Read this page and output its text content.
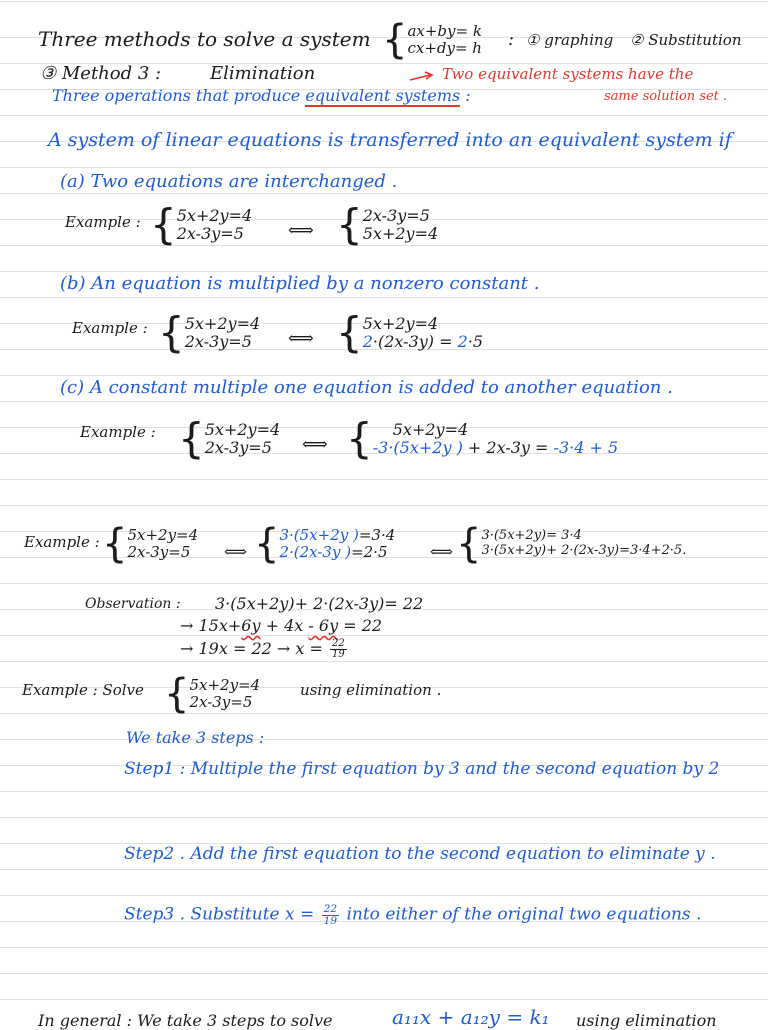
Three methods to solve a system { ax+by= k
cx+dy= h : ① graphing ② Substitution
③ Method 3 :	Elimination	Two equivalent systems have the
same solution set .
Three operations that produce equivalent systems :
A system of linear equations is transferred into an equivalent system if
(a) Two equations are interchanged .
Example : { 5x+2y=4
2x-3y=5	⟺ { 2x-3y=5
5x+2y=4
(b) An equation is multiplied by a nonzero constant .
Example : { 5x+2y=4
2x-3y=5	⟺ { 5x+2y=4
2·(2x-3y) = 2·5
(c) A constant multiple one equation is added to another equation .
Example : { 5x+2y=4
2x-3y=5	⟺ {	5x+2y=4
-3·(5x+2y ) + 2x-3y = -3·4 + 5
Example : { 5x+2y=4
2x-3y=5	⟺ { 3·(5x+2y )=3·4
2·(2x-3y )=2·5	⟺ { 3·(5x+2y)= 3·4
3·(5x+2y)+ 2·(2x-3y)=3·4+2·5.
Observation : 3·(5x+2y)+ 2·(2x-3y)= 22
→ 15x+6y + 4x - 6y = 22
→ $19x = 22 \to x = \frac{22}{19}$
Example : Solve { 5x+2y=4
2x-3y=5
using elimination .
We take 3 steps :
Step1 : Multiple the first equation by 3 and the second equation by 2
Step2 . Add the first equation to the second equation to eliminate y .
Step3 . Substitute $x = \frac{22}{19}$ into either of the original two equations .
In general : We take 3 steps to solve	a₁₁x + a₁₂y = k₁ using elimination
